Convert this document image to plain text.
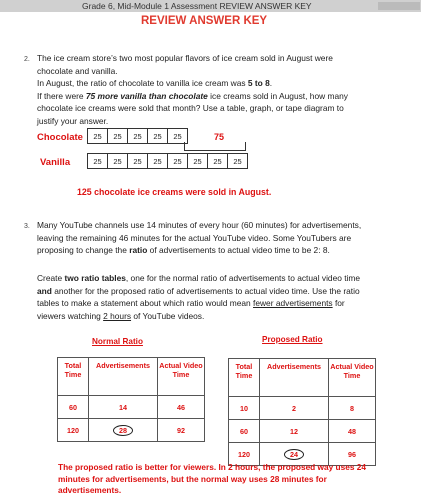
Grade 6, Mid-Module 1 Assessment REVIEW ANSWER KEY
REVIEW ANSWER KEY
2. The ice cream store’s two most popular flavors of ice cream sold in August were
chocolate and vanilla.
In August, the ratio of chocolate to vanilla ice cream was 5 to 8.
If there were 75 more vanilla than chocolate ice creams sold in August, how many
chocolate ice creams were sold that month? Use a table, graph, or tape diagram to
justify your answer.
Chocolate	25	25	25	25	25	75
Vanilla	25	25	25	25	25	25	25	25
125 chocolate ice creams were sold in August.
3. Many YouTube channels use 14 minutes of every hour (60 minutes) for advertisements,
leaving the remaining 46 minutes for the actual YouTube video. Some YouTubers are
proposing to change the ratio of advertisements to actual video time to be 2: 8.
Create two ratio tables, one for the normal ratio of advertisements to actual video time
and another for the proposed ratio of advertisements to actual video time. Use the ratio
tables to make a statement about which ratio would mean fewer advertisements for
viewers watching 2 hours of YouTube videos.
Normal Ratio	Proposed Ratio
Total Time	Advertisements	Actual Video Time
60	14	46
120	28	92
Total Time	Advertisements	Actual Video Time
10	2	8
60	12	48
120	24	96
The proposed ratio is better for viewers. In 2 hours, the proposed way uses 24 minutes for advertisements, but the normal way uses 28 minutes for advertisements.
